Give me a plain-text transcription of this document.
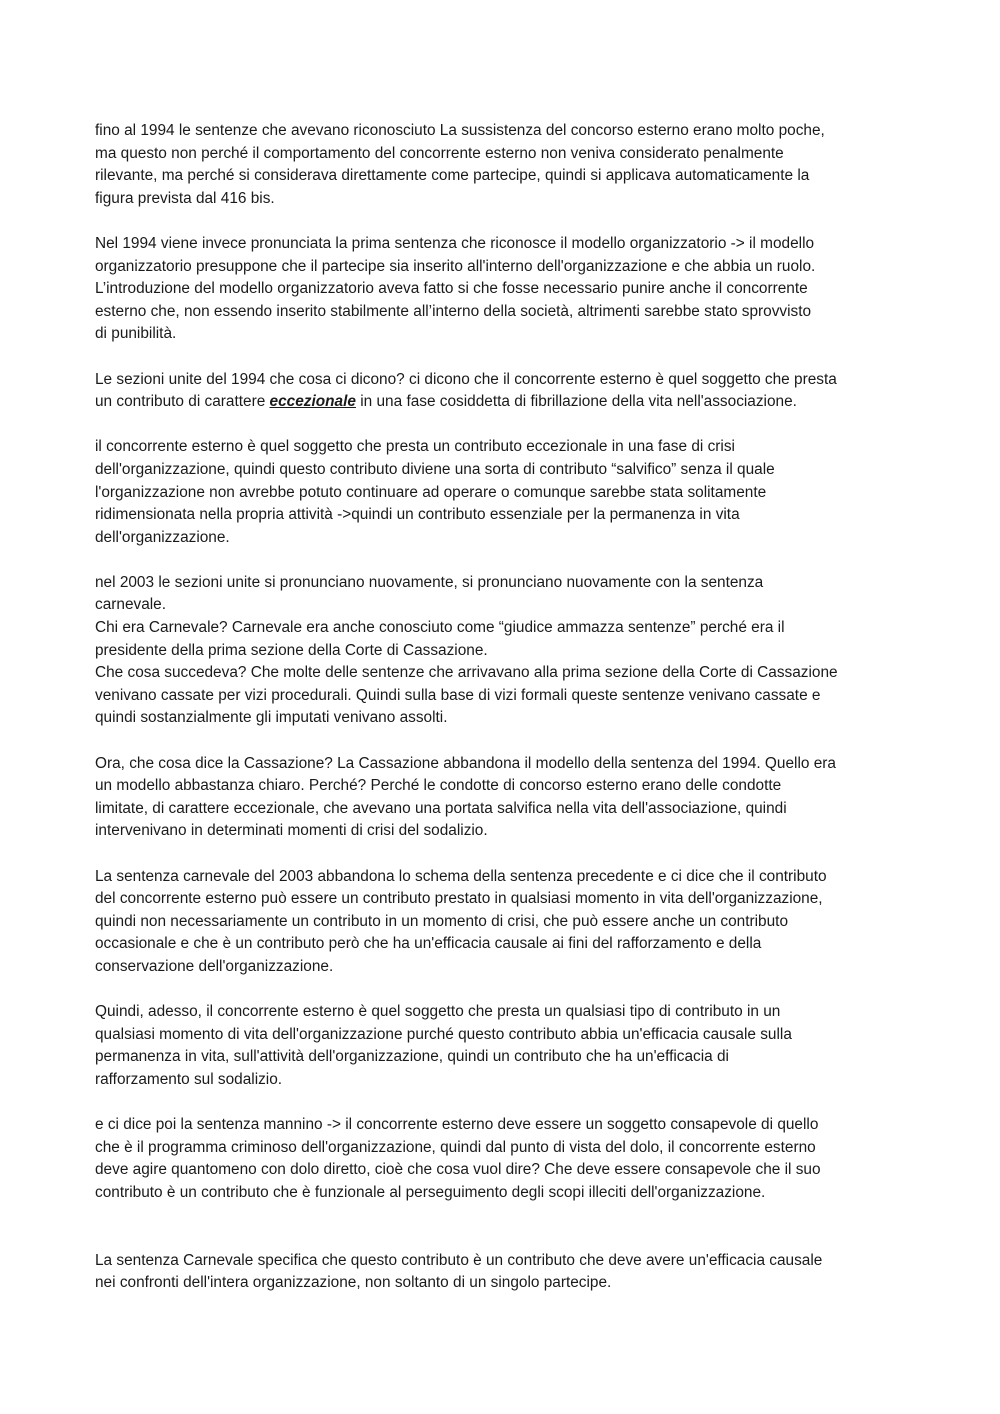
fino al 1994 le sentenze che avevano riconosciuto La sussistenza del concorso esterno erano molto poche,
ma questo non perché il comportamento del concorrente esterno non veniva considerato penalmente
rilevante, ma perché si considerava direttamente come partecipe, quindi si applicava automaticamente la
figura prevista dal 416 bis.
Nel 1994 viene invece pronunciata la prima sentenza che riconosce il modello organizzatorio -> il modello
organizzatorio presuppone che il partecipe sia inserito all'interno dell'organizzazione e che abbia un ruolo.
L’introduzione del modello organizzatorio aveva fatto si che fosse necessario punire anche il concorrente
esterno che, non essendo inserito stabilmente all’interno della società, altrimenti sarebbe stato sprovvisto
di punibilità.
Le sezioni unite del 1994 che cosa ci dicono? ci dicono che il concorrente esterno è quel soggetto che presta
un contributo di carattere eccezionale in una fase cosiddetta di fibrillazione della vita nell'associazione.
il concorrente esterno è quel soggetto che presta un contributo eccezionale in una fase di crisi
dell'organizzazione, quindi questo contributo diviene una sorta di contributo “salvifico” senza il quale
l'organizzazione non avrebbe potuto continuare ad operare o comunque sarebbe stata solitamente
ridimensionata nella propria attività ->quindi un contributo essenziale per la permanenza in vita
dell'organizzazione.
nel 2003 le sezioni unite si pronunciano nuovamente, si pronunciano nuovamente con la sentenza
carnevale.
Chi era Carnevale? Carnevale era anche conosciuto come “giudice ammazza sentenze” perché era il
presidente della prima sezione della Corte di Cassazione.
Che cosa succedeva? Che molte delle sentenze che arrivavano alla prima sezione della Corte di Cassazione
venivano cassate per vizi procedurali. Quindi sulla base di vizi formali queste sentenze venivano cassate e
quindi sostanzialmente gli imputati venivano assolti.
Ora, che cosa dice la Cassazione? La Cassazione abbandona il modello della sentenza del 1994. Quello era
un modello abbastanza chiaro. Perché? Perché le condotte di concorso esterno erano delle condotte
limitate, di carattere eccezionale, che avevano una portata salvifica nella vita dell'associazione, quindi
intervenivano in determinati momenti di crisi del sodalizio.
La sentenza carnevale del 2003 abbandona lo schema della sentenza precedente e ci dice che il contributo
del concorrente esterno può essere un contributo prestato in qualsiasi momento in vita dell'organizzazione,
quindi non necessariamente un contributo in un momento di crisi, che può essere anche un contributo
occasionale e che è un contributo però che ha un'efficacia causale ai fini del rafforzamento e della
conservazione dell'organizzazione.
Quindi, adesso, il concorrente esterno è quel soggetto che presta un qualsiasi tipo di contributo in un
qualsiasi momento di vita dell'organizzazione purché questo contributo abbia un'efficacia causale sulla
permanenza in vita, sull'attività dell'organizzazione, quindi un contributo che ha un'efficacia di
rafforzamento sul sodalizio.
e ci dice poi la sentenza mannino -> il concorrente esterno deve essere un soggetto consapevole di quello
che è il programma criminoso dell'organizzazione, quindi dal punto di vista del dolo, il concorrente esterno
deve agire quantomeno con dolo diretto, cioè che cosa vuol dire? Che deve essere consapevole che il suo
contributo è un contributo che è funzionale al perseguimento degli scopi illeciti dell'organizzazione.
La sentenza Carnevale specifica che questo contributo è un contributo che deve avere un'efficacia causale
nei confronti dell'intera organizzazione, non soltanto di un singolo partecipe.
